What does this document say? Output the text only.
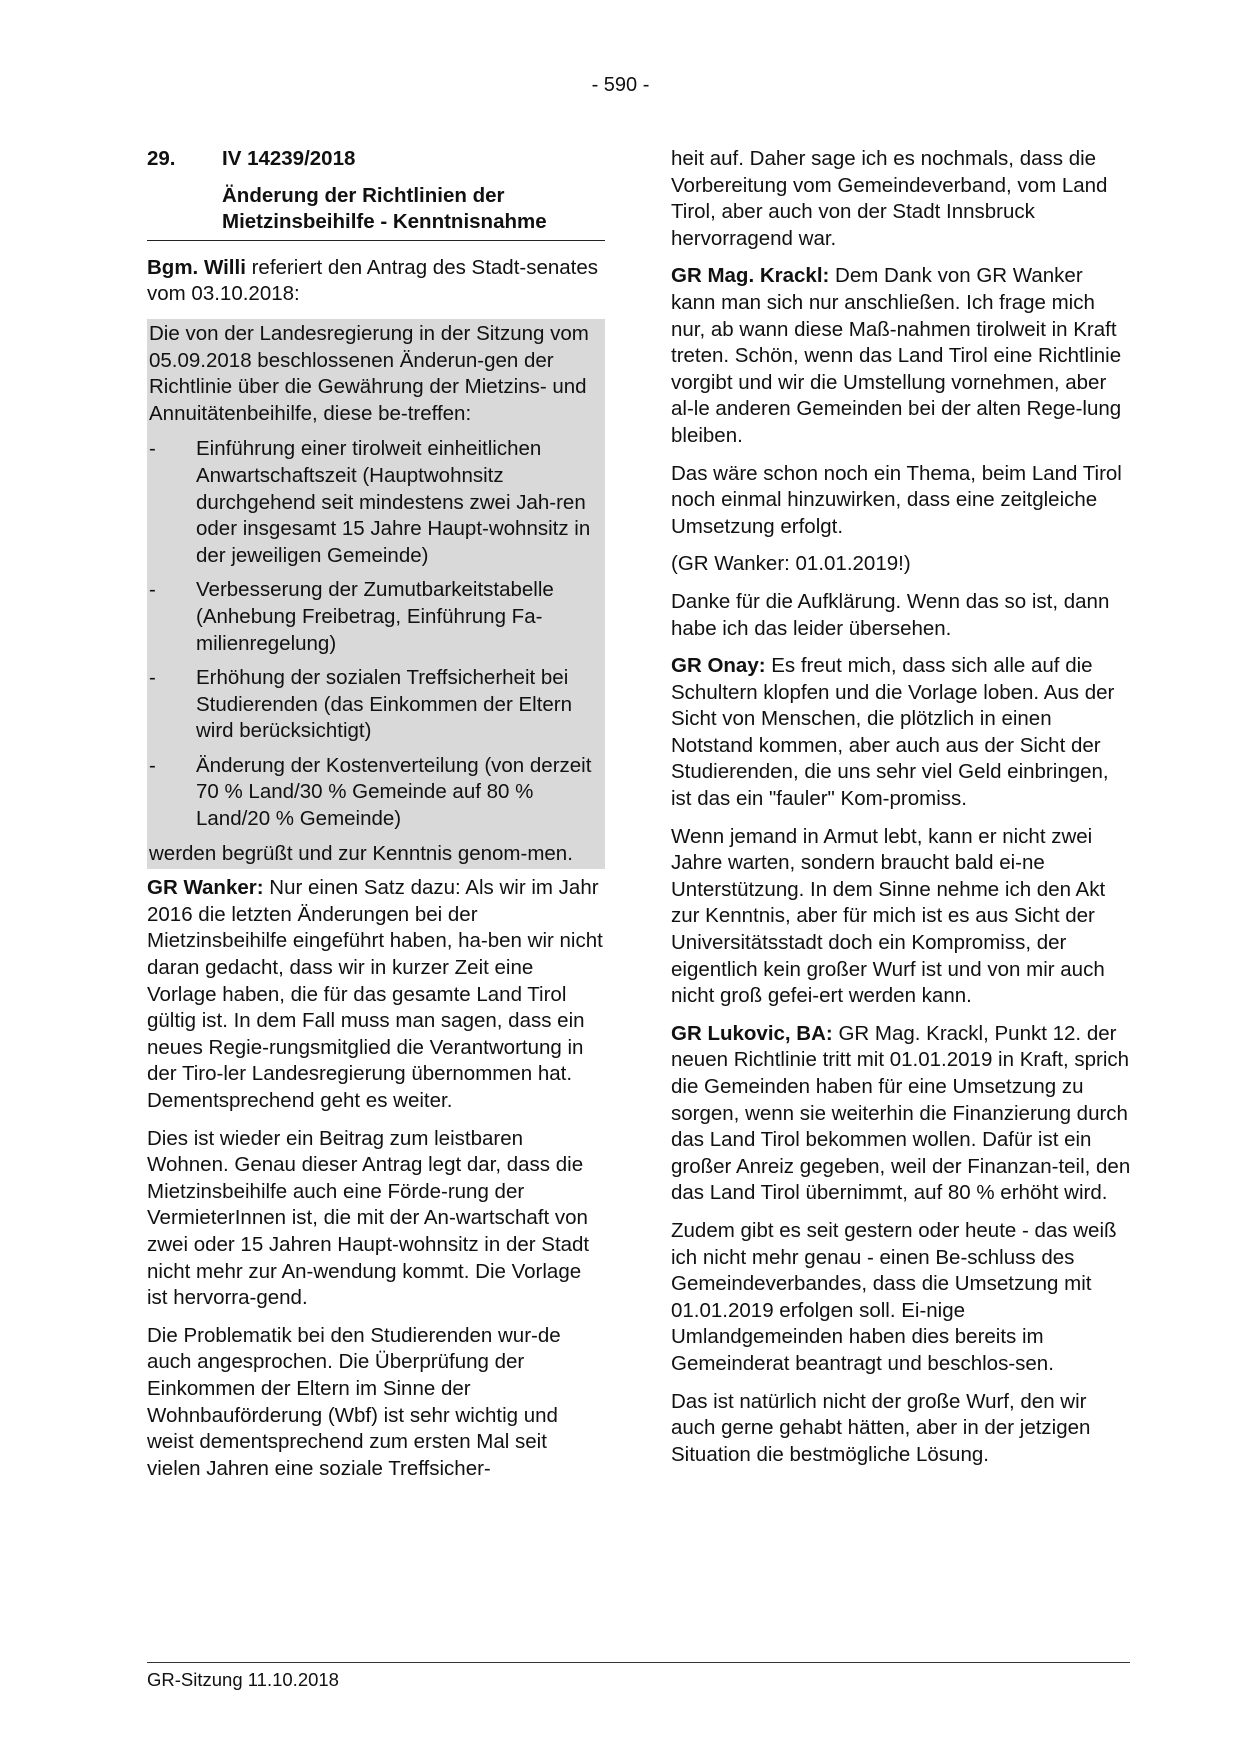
- 590 -
29.	IV 14239/2018
Änderung der Richtlinien der
Mietzinsbeihilfe - Kenntnisnahme

Bgm. Willi referiert den Antrag des Stadt-senates vom 03.10.2018:

Die von der Landesregierung in der Sitzung vom 05.09.2018 beschlossenen Änderun-gen der Richtlinie über die Gewährung der Mietzins- und Annuitätenbeihilfe, diese be-treffen:

-	Einführung einer tirolweit einheitlichen Anwartschaftszeit (Hauptwohnsitz durchgehend seit mindestens zwei Jah-ren oder insgesamt 15 Jahre Haupt-wohnsitz in der jeweiligen Gemeinde)
-	Verbesserung der Zumutbarkeitstabelle (Anhebung Freibetrag, Einführung Fa-milienregelung)
-	Erhöhung der sozialen Treffsicherheit bei Studierenden (das Einkommen der Eltern wird berücksichtigt)
-	Änderung der Kostenverteilung (von derzeit 70 % Land/30 % Gemeinde auf 80 % Land/20 % Gemeinde)

werden begrüßt und zur Kenntnis genom-men.

GR Wanker: Nur einen Satz dazu: Als wir im Jahr 2016 die letzten Änderungen bei der Mietzinsbeihilfe eingeführt haben, ha-ben wir nicht daran gedacht, dass wir in kurzer Zeit eine Vorlage haben, die für das gesamte Land Tirol gültig ist. In dem Fall muss man sagen, dass ein neues Regie-rungsmitglied die Verantwortung in der Tiro-ler Landesregierung übernommen hat. Dementsprechend geht es weiter.

Dies ist wieder ein Beitrag zum leistbaren Wohnen. Genau dieser Antrag legt dar, dass die Mietzinsbeihilfe auch eine Förde-rung der VermieterInnen ist, die mit der An-wartschaft von zwei oder 15 Jahren Haupt-wohnsitz in der Stadt nicht mehr zur An-wendung kommt. Die Vorlage ist hervorra-gend.

Die Problematik bei den Studierenden wur-de auch angesprochen. Die Überprüfung der Einkommen der Eltern im Sinne der Wohnbauförderung (Wbf) ist sehr wichtig und weist dementsprechend zum ersten Mal seit vielen Jahren eine soziale Treffsicher-

heit auf. Daher sage ich es nochmals, dass die Vorbereitung vom Gemeindeverband, vom Land Tirol, aber auch von der Stadt Innsbruck hervorragend war.

GR Mag. Krackl: Dem Dank von GR Wanker kann man sich nur anschließen. Ich frage mich nur, ab wann diese Maß-nahmen tirolweit in Kraft treten. Schön, wenn das Land Tirol eine Richtlinie vorgibt und wir die Umstellung vornehmen, aber al-le anderen Gemeinden bei der alten Rege-lung bleiben.

Das wäre schon noch ein Thema, beim Land Tirol noch einmal hinzuwirken, dass eine zeitgleiche Umsetzung erfolgt.

(GR Wanker: 01.01.2019!)

Danke für die Aufklärung. Wenn das so ist, dann habe ich das leider übersehen.

GR Onay: Es freut mich, dass sich alle auf die Schultern klopfen und die Vorlage loben. Aus der Sicht von Menschen, die plötzlich in einen Notstand kommen, aber auch aus der Sicht der Studierenden, die uns sehr viel Geld einbringen, ist das ein "fauler" Kom-promiss.

Wenn jemand in Armut lebt, kann er nicht zwei Jahre warten, sondern braucht bald ei-ne Unterstützung. In dem Sinne nehme ich den Akt zur Kenntnis, aber für mich ist es aus Sicht der Universitätsstadt doch ein Kompromiss, der eigentlich kein großer Wurf ist und von mir auch nicht groß gefei-ert werden kann.

GR Lukovic, BA: GR Mag. Krackl, Punkt 12. der neuen Richtlinie tritt mit 01.01.2019 in Kraft, sprich die Gemeinden haben für eine Umsetzung zu sorgen, wenn sie weiterhin die Finanzierung durch das Land Tirol bekommen wollen. Dafür ist ein großer Anreiz gegeben, weil der Finanzan-teil, den das Land Tirol übernimmt, auf 80 % erhöht wird.

Zudem gibt es seit gestern oder heute - das weiß ich nicht mehr genau - einen Be-schluss des Gemeindeverbandes, dass die Umsetzung mit 01.01.2019 erfolgen soll. Ei-nige Umlandgemeinden haben dies bereits im Gemeinderat beantragt und beschlos-sen.

Das ist natürlich nicht der große Wurf, den wir auch gerne gehabt hätten, aber in der jetzigen Situation die bestmögliche Lösung.

GR-Sitzung 11.10.2018
